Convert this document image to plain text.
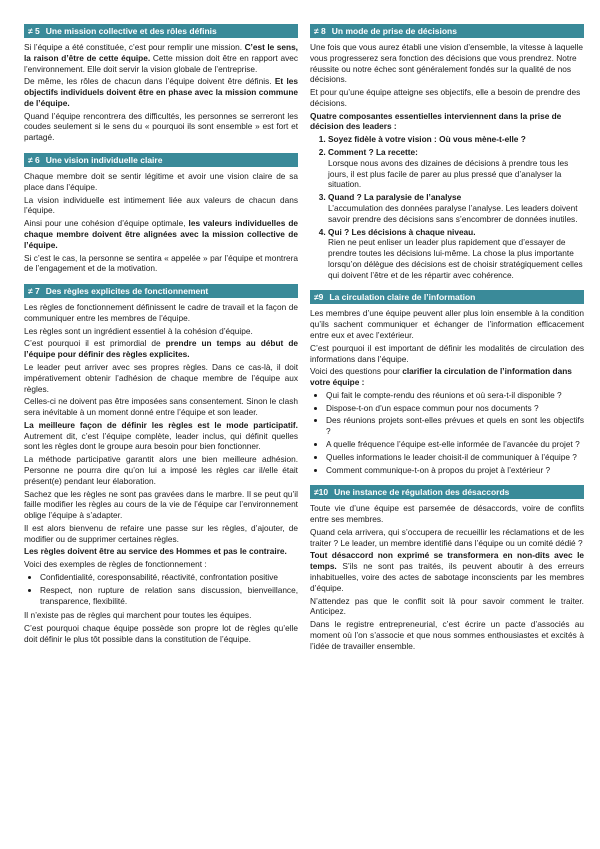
≠ 5 Une mission collective et des rôles définis

Si l’équipe a été constituée, c’est pour remplir une mission. C’est le sens, la raison d’être de cette équipe. Cette mission doit être en rapport avec l’environnement. Elle doit servir la vision globale de l’entreprise.

De même, les rôles de chacun dans l’équipe doivent être définis. Et les objectifs individuels doivent être en phase avec la mission commune de l’équipe.

Quand l’équipe rencontrera des difficultés, les personnes se serreront les coudes seulement si le sens du « pourquoi ils sont ensemble » est fort et partagé.

≠ 6 Une vision individuelle claire

Chaque membre doit se sentir légitime et avoir une vision claire de sa place dans l’équipe.

La vision individuelle est intimement liée aux valeurs de chacun dans l’équipe.

Ainsi pour une cohésion d’équipe optimale, les valeurs individuelles de chaque membre doivent être alignées avec la mission collective de l’équipe.

Si c’est le cas, la personne se sentira « appelée » par l’équipe et montrera de l’engagement et de la motivation.

≠ 7 Des règles explicites de fonctionnement

Les règles de fonctionnement définissent le cadre de travail et la façon de communiquer entre les membres de l’équipe.

Les règles sont un ingrédient essentiel à la cohésion d’équipe.

C’est pourquoi il est primordial de prendre un temps au début de l’équipe pour définir des règles explicites.

Le leader peut arriver avec ses propres règles. Dans ce cas-là, il doit impérativement obtenir l’adhésion de chaque membre de l’équipe aux règles.

Celles-ci ne doivent pas être imposées sans consentement. Sinon le clash sera inévitable à un moment donné entre l’équipe et son leader.

La meilleure façon de définir les règles est le mode participatif. Autrement dit, c’est l’équipe complète, leader inclus, qui définit quelles sont les règles dont le groupe aura besoin pour bien fonctionner.

La méthode participative garantit alors une bien meilleure adhésion. Personne ne pourra dire qu’on lui a imposé les règles car il/elle était présent(e) pendant leur élaboration.

Sachez que les règles ne sont pas gravées dans le marbre. Il se peut qu’il faille modifier les règles au cours de la vie de l’équipe car l’environnement oblige l’équipe à s’adapter.

Il est alors bienvenu de refaire une passe sur les règles, d’ajouter, de modifier ou de supprimer certaines règles.

Les règles doivent être au service des Hommes et pas le contraire.

Voici des exemples de règles de fonctionnement :

• Confidentialité, coresponsabilité, réactivité, confrontation positive
• Respect, non rupture de relation sans discussion, bienveillance, transparence, flexibilité.

Il n’existe pas de règles qui marchent pour toutes les équipes.

C’est pourquoi chaque équipe possède son propre lot de règles qu’elle doit définir le plus tôt possible dans la constitution de l’équipe.

≠ 8 Un mode de prise de décisions

Une fois que vous aurez établi une vision d’ensemble, la vitesse à laquelle vous progresserez sera fonction des décisions que vous prendrez. Notre réussite ou notre échec sont généralement fondés sur la qualité de nos décisions.

Et pour qu’une équipe atteigne ses objectifs, elle a besoin de prendre des décisions.

Quatre composantes essentielles interviennent dans la prise de décision des leaders :

1. Soyez fidèle à votre vision : Où vous mène-t-elle ?
2. Comment ? La recette:
Lorsque nous avons des dizaines de décisions à prendre tous les jours, il est plus facile de parer au plus pressé que d’analyser la situation.
3. Quand ? La paralysie de l’analyse
L’accumulation des données paralyse l’analyse. Les leaders doivent savoir prendre des décisions sans s’encombrer de données inutiles.
4. Qui ? Les décisions à chaque niveau.
Rien ne peut enliser un leader plus rapidement que d’essayer de prendre toutes les décisions lui-même. La chose la plus importante lorsqu’on délègue des décisions est de choisir stratégiquement celles qui doivent l’être et de les répartir avec cohérence.
≠9 La circulation claire de l’information

Les membres d’une équipe peuvent aller plus loin ensemble à la condition qu’ils sachent communiquer et échanger de l’information efficacement entre eux et avec l’extérieur.

C’est pourquoi il est important de définir les modalités de circulation des informations dans l’équipe.

Voici des questions pour clarifier la circulation de l’information dans votre équipe :

• Qui fait le compte-rendu des réunions et où sera-t-il disponible ?
• Dispose-t-on d’un espace commun pour nos documents ?
• Des réunions projets sont-elles prévues et quels en sont les objectifs ?
• A quelle fréquence l’équipe est-elle informée de l’avancée du projet ?
• Quelles informations le leader choisit-il de communiquer à l’équipe ?
• Comment communique-t-on à propos du projet à l’extérieur ?
≠10 Une instance de régulation des désaccords

Toute vie d’une équipe est parsemée de désaccords, voire de conflits entre ses membres.

Quand cela arrivera, qui s’occupera de recueillir les réclamations et de les traiter ? Le leader, un membre identifié dans l’équipe ou un comité dédié ?

Tout désaccord non exprimé se transformera en non-dits avec le temps. S’ils ne sont pas traités, ils peuvent aboutir à des erreurs inhabituelles, voire des actes de sabotage inconscients par les membres d’équipe.

N’attendez pas que le conflit soit là pour savoir comment le traiter. Anticipez.

Dans le registre entrepreneurial, c’est écrire un pacte d’associés au moment où l’on s’associe et que nous sommes enthousiastes et excités à l’idée de travailler ensemble.
